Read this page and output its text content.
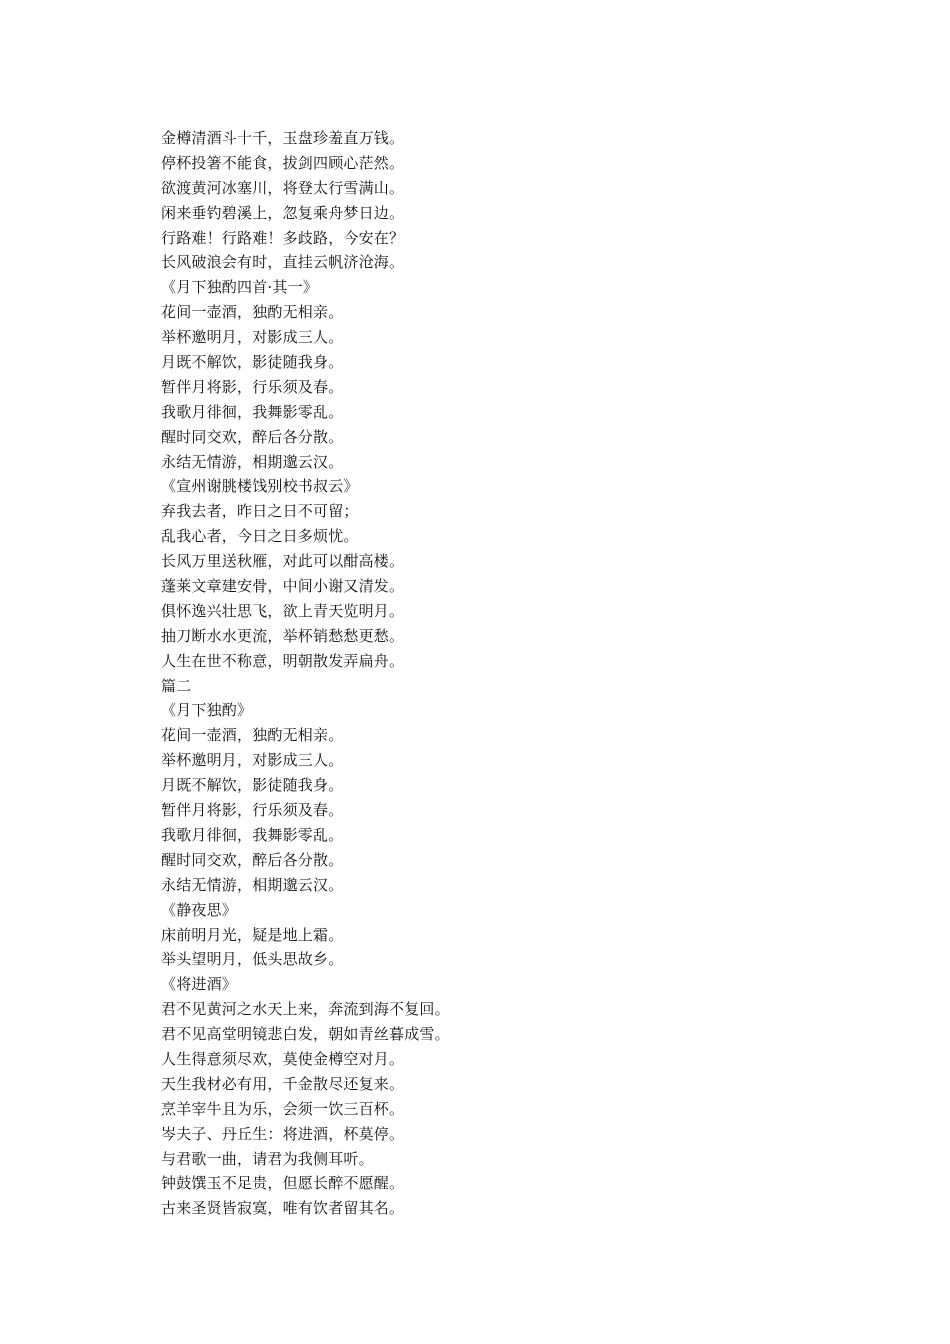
金樽清酒斗十千，玉盘珍羞直万钱。
停杯投箸不能食，拔剑四顾心茫然。
欲渡黄河冰塞川，将登太行雪满山。
闲来垂钓碧溪上，忽复乘舟梦日边。
行路难！行路难！多歧路，今安在？
长风破浪会有时，直挂云帆济沧海。
《月下独酌四首·其一》
花间一壶酒，独酌无相亲。
举杯邀明月，对影成三人。
月既不解饮，影徒随我身。
暂伴月将影，行乐须及春。
我歌月徘徊，我舞影零乱。
醒时同交欢，醉后各分散。
永结无情游，相期邈云汉。
《宣州谢朓楼饯别校书叔云》
弃我去者，昨日之日不可留；
乱我心者，今日之日多烦忧。
长风万里送秋雁，对此可以酣高楼。
蓬莱文章建安骨，中间小谢又清发。
俱怀逸兴壮思飞，欲上青天览明月。
抽刀断水水更流，举杯销愁愁更愁。
人生在世不称意，明朝散发弄扁舟。
篇二
《月下独酌》
花间一壶酒，独酌无相亲。
举杯邀明月，对影成三人。
月既不解饮，影徒随我身。
暂伴月将影，行乐须及春。
我歌月徘徊，我舞影零乱。
醒时同交欢，醉后各分散。
永结无情游，相期邈云汉。
《静夜思》
床前明月光，疑是地上霜。
举头望明月，低头思故乡。
《将进酒》
君不见黄河之水天上来，奔流到海不复回。
君不见高堂明镜悲白发，朝如青丝暮成雪。
人生得意须尽欢，莫使金樽空对月。
天生我材必有用，千金散尽还复来。
烹羊宰牛且为乐，会须一饮三百杯。
岑夫子、丹丘生：将进酒，杯莫停。
与君歌一曲，请君为我侧耳听。
钟鼓馔玉不足贵，但愿长醉不愿醒。
古来圣贤皆寂寞，唯有饮者留其名。
